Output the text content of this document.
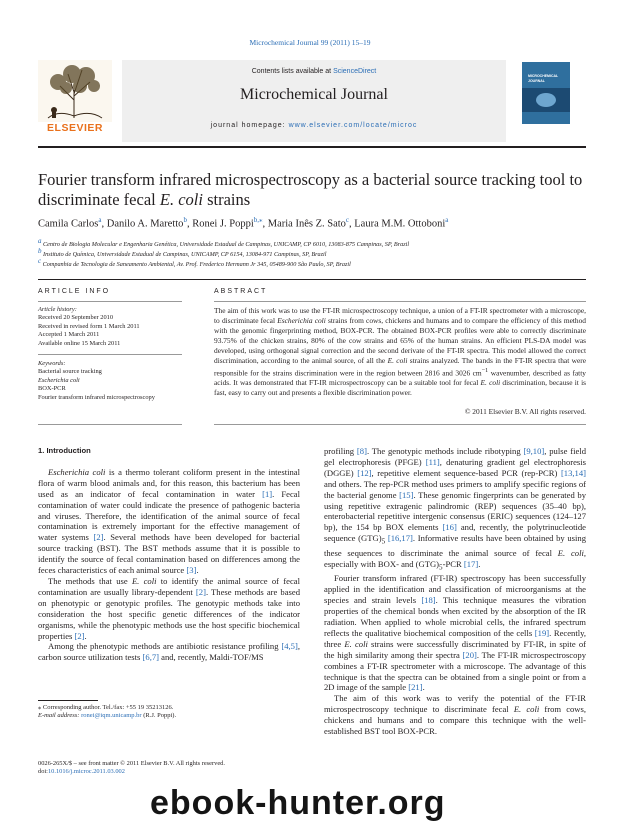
Microchemical Journal 99 (2011) 15–19
ELSEVIER
Contents lists available at ScienceDirect
Microchemical Journal
journal homepage: www.elsevier.com/locate/microc
MICROCHEMICAL JOURNAL
Fourier transform infrared microspectroscopy as a bacterial source tracking tool to
discriminate fecal E. coli strains
Camila Carlos$^a$, Danilo A. Maretto$^b$, Ronei J. Poppi$^{b,⁎}$, Maria Inês Z. Sato$^c$, Laura M.M. Ottoboni$^a$
$^a$ Centro de Biologia Molecular e Engenharia Genética, Universidade Estadual de Campinas, UNICAMP, CP 6010, 13083-875 Campinas, SP, Brazil
$^b$ Instituto de Química, Universidade Estadual de Campinas, UNICAMP, CP 6154, 13084-971 Campinas, SP, Brazil
$^c$ Companhia de Tecnologia de Saneamento Ambiental, Av. Prof. Frederico Hermann Jr 345, 05489-900 São Paulo, SP, Brazil
ARTICLE INFO	ABSTRACT
Article history:
Received 20 September 2010
Received in revised form 1 March 2011
Accepted 1 March 2011
Available online 15 March 2011
Keywords:
Bacterial source tracking
Escherichia coli
BOX-PCR
Fourier transform infrared microspectroscopy
The aim of this work was to use the FT-IR microspectroscopy technique, a union of a FT-IR spectrometer with a microscope, to discriminate fecal Escherichia coli strains from cows, chickens and humans and to compare the efficiency of this method with the genomic fingerprinting method, BOX-PCR. The obtained BOX-PCR profiles were able to correctly discriminate 93.75% of the chicken strains, 80% of the cow strains and 65% of the human strains. An efficient PLS-DA model was developed, using orthogonal signal correction and the second derivate of the FT-IR spectra. This model allowed the correct discrimination, according to the animal source, of all the E. coli strains analyzed. The bands in the FT-IR spectra that were responsible for the strains discrimination were in the region between 2816 and 3026 $cm^{-1}$ wavenumber, described as fatty acids. It was demonstrated that FT-IR microspectroscopy can be a suitable tool for fecal E. coli discrimination, because it is fast, easy to carry out and presents a flexible discrimination power.
© 2011 Elsevier B.V. All rights reserved.

1. Introduction

Escherichia coli is a thermo tolerant coliform present in the intestinal flora of warm blood animals and, for this reason, this bacterium has been used as an indicator of fecal contamination in water [1]. Fecal contamination of water could indicate the presence of pathogenic bacteria and viruses. Therefore, the identification of the animal source of fecal contamination is extremely important for the effective management of water systems [2]. Several methods have been developed for bacterial source tracking (BST). The BST methods assume that it is possible to identify the source of fecal contamination based on differences among the feces characteristics of each animal source [3].

The methods that use E. coli to identify the animal source of fecal contamination are usually library-dependent [2]. These methods are based on phenotypic or genotypic profiles. The genotypic methods take into consideration the host specific genetic differences of the indicator organisms, while the phenotypic methods use the host specific biochemical properties [2].

Among the phenotypic methods are antibiotic resistance profiling [4,5], carbon source utilization tests [6,7] and, recently, Maldi-TOF/MS

profiling [8]. The genotypic methods include ribotyping [9,10], pulse field gel electrophoresis (PFGE) [11], denaturing gradient gel electrophoresis (DGGE) [12], repetitive element sequence-based PCR (rep-PCR) [13,14] and others. The rep-PCR method uses primers to amplify specific regions of the bacterial genome [15]. These genomic fingerprints can be generated by using repetitive extragenic palindromic (REP) sequences (35–40 bp), enterobacterial repetitive intergenic consensus (ERIC) sequences (124–127 bp), the 154 bp BOX elements [16] and, recently, the polytrinucleotide sequence $(GTG)_5$ [16,17]. Informative results have been obtained by using these sequences to discriminate the animal source of fecal E. coli, especially with BOX- and $(GTG)_5$-PCR [17].

Fourier transform infrared (FT-IR) spectroscopy has been successfully applied in the identification and classification of microorganisms at the species and strain levels [18]. This technique measures the vibration properties of the chemical bonds when excited by the absorption of the IR radiation. When applied to whole microbial cells, the infrared spectrum reflects the qualitative biochemical composition of the cells [19]. Recently, three E. coli strains were successfully discriminated by FT-IR, in spite of the high similarity among their spectra [20]. The FT-IR microspectroscopy combines a FT-IR spectrometer with a microscope. The advantage of this technique is that the spectra can be obtained from a single point or from a 2D image of the sample [21].

The aim of this work was to verify the potential of the FT-IR microspectroscopy technique to discriminate fecal E. coli from cows, chickens and humans and to compare this technique with the well-established BST tool BOX-PCR.

⁎ Corresponding author. Tel./fax: +55 19 35213126.
E-mail address: ronei@iqm.unicamp.br (R.J. Poppi).
0026-265X/$ – see front matter © 2011 Elsevier B.V. All rights reserved.
doi:10.1016/j.microc.2011.03.002
ebook-hunter.org
